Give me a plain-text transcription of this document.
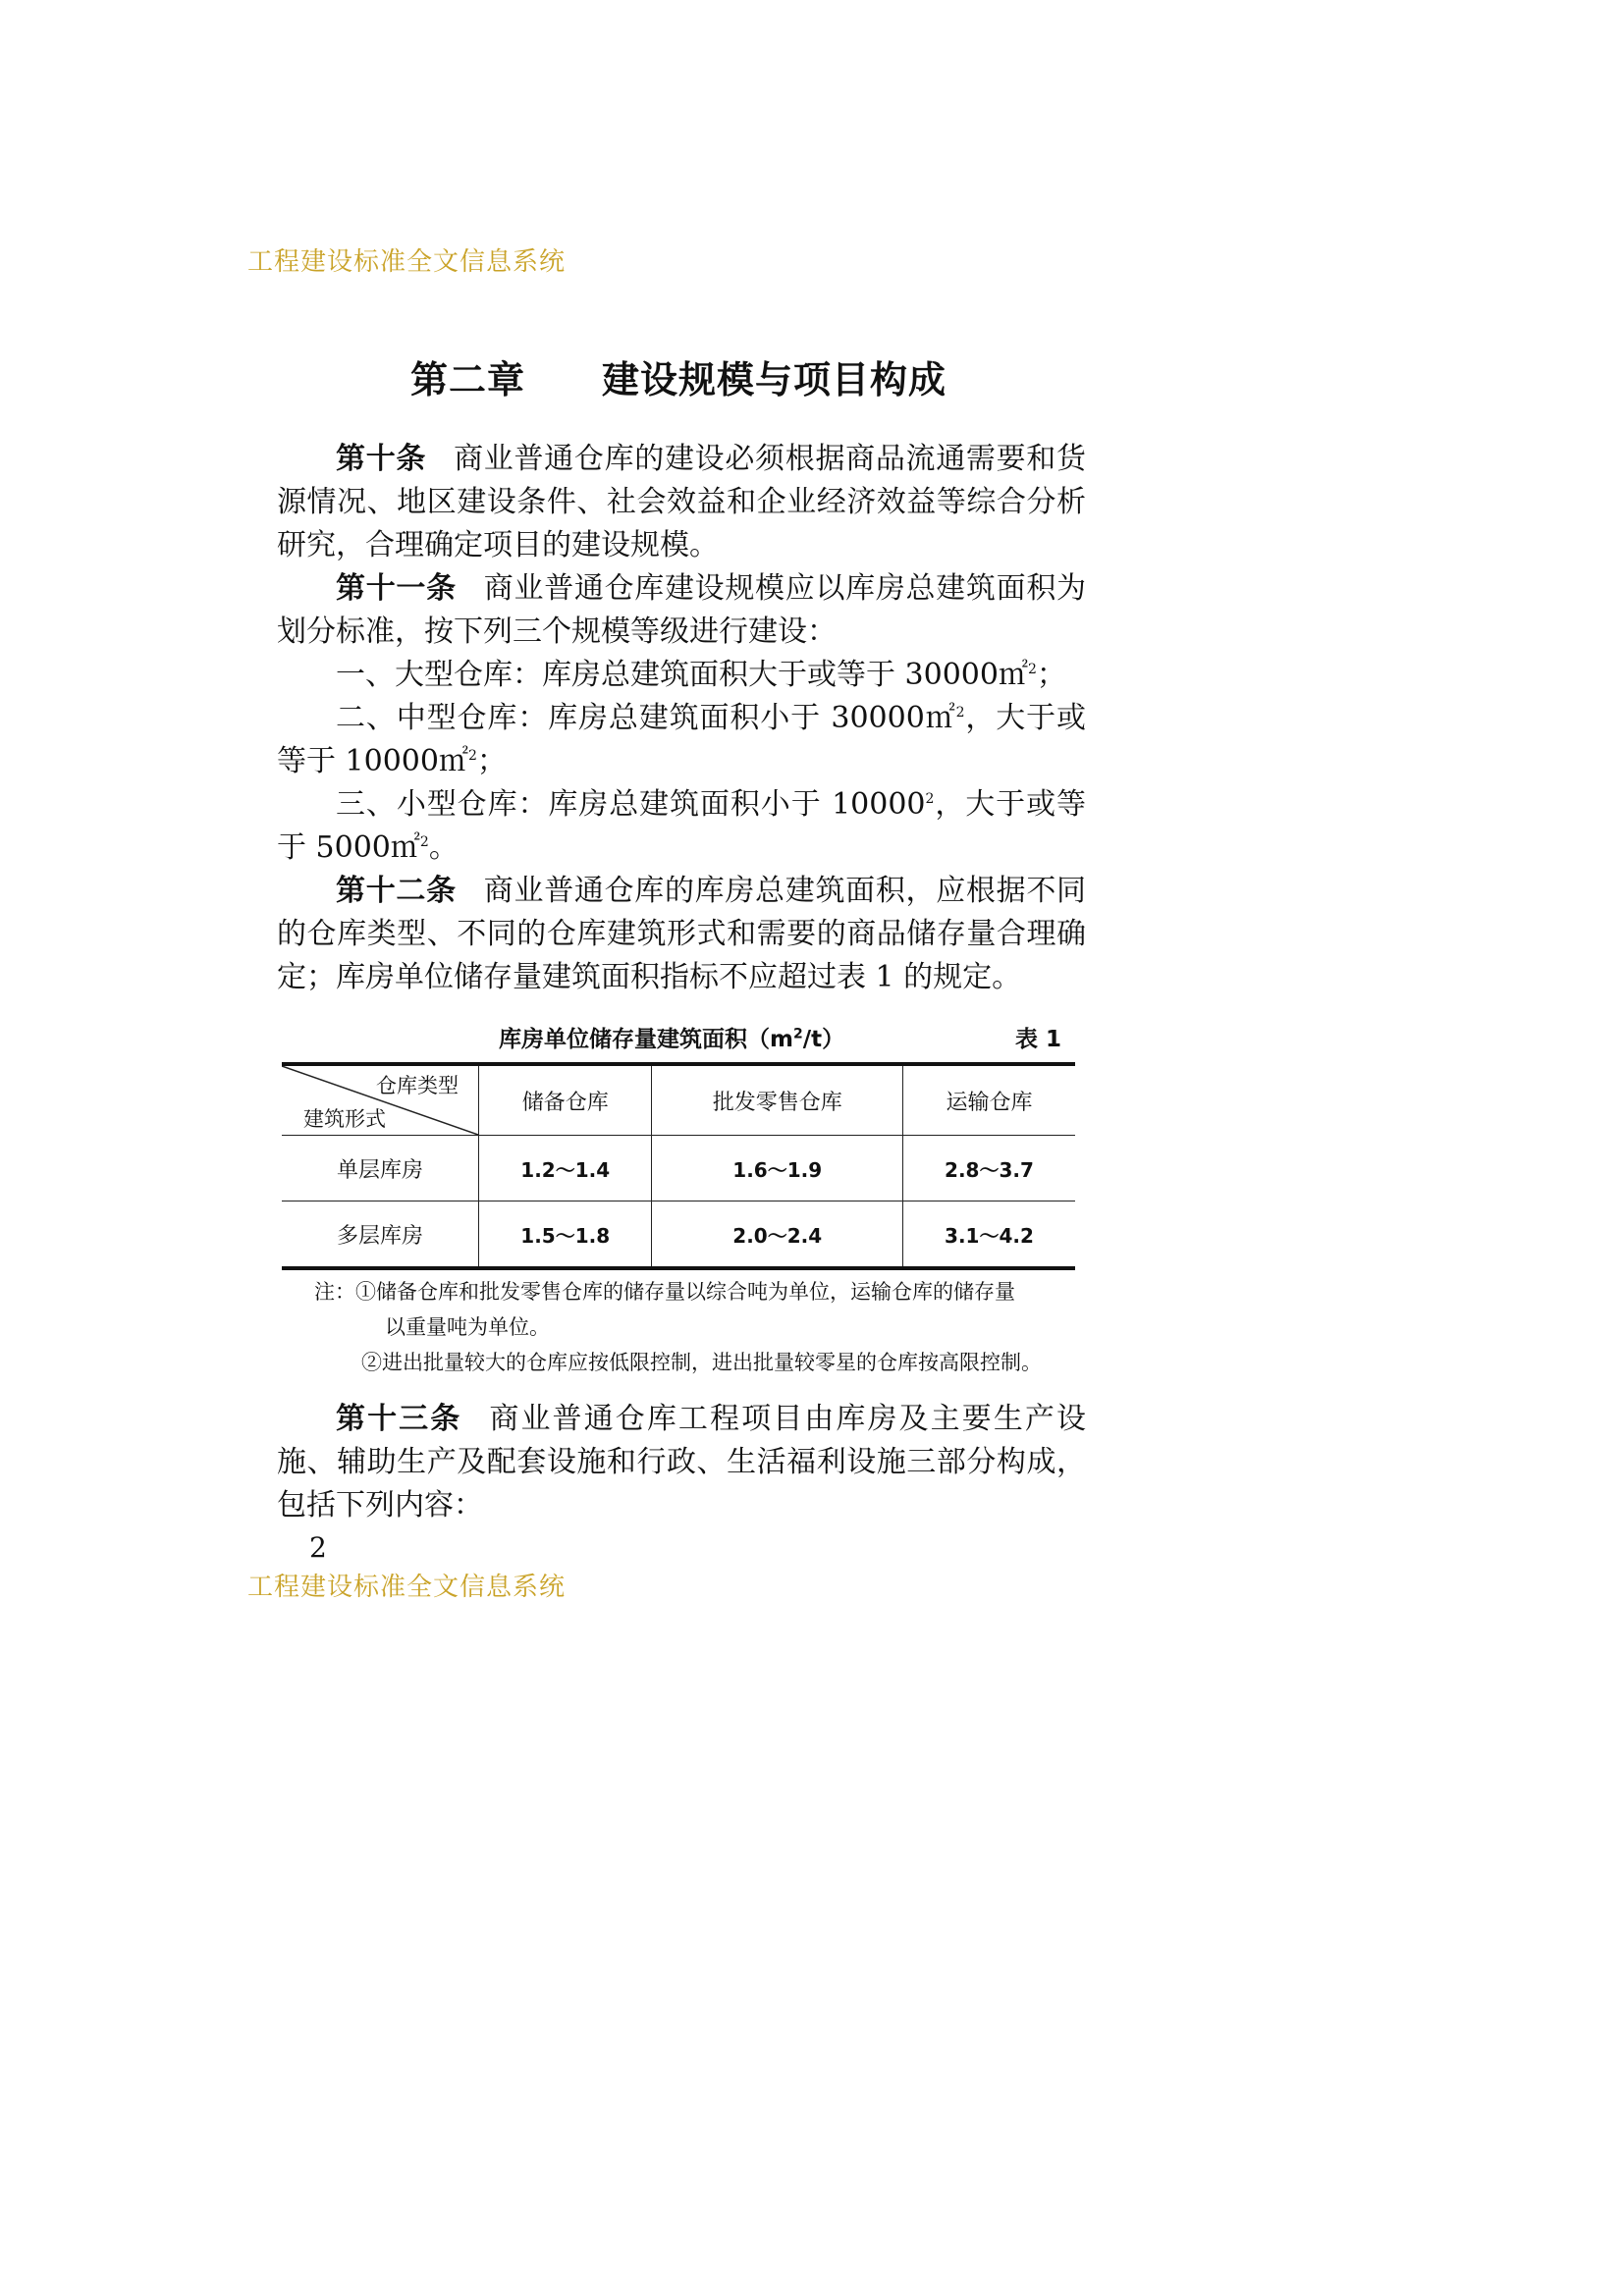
工程建设标准全文信息系统
第二章 建设规模与项目构成

第十条 商业普通仓库的建设必须根据商品流通需要和货源情况、地区建设条件、社会效益和企业经济效益等综合分析研究，合理确定项目的建设规模。

第十一条 商业普通仓库建设规模应以库房总建筑面积为划分标准，按下列三个规模等级进行建设：

一、大型仓库：库房总建筑面积大于或等于 30000㎡$^2$；

二、中型仓库：库房总建筑面积小于 30000㎡$^2$，大于或等于 10000㎡$^2$；

三、小型仓库：库房总建筑面积小于 10000$^2$，大于或等于 5000㎡$^2$。

第十二条 商业普通仓库的库房总建筑面积，应根据不同的仓库类型、不同的仓库建筑形式和需要的商品储存量合理确定；库房单位储存量建筑面积指标不应超过表 1 的规定。

库房单位储存量建筑面积$(m^2/t)$	表 1
仓库类型
建筑形式	储备仓库	批发零售仓库	运输仓库
单层库房	1.2～1.4	1.6～1.9	2.8～3.7
多层库房	1.5～1.8	2.0～2.4	3.1～4.2
注：①储备仓库和批发零售仓库的储存量以综合吨为单位，运输仓库的储存量
以重量吨为单位。
②进出批量较大的仓库应按低限控制，进出批量较零星的仓库按高限控制。

第十三条 商业普通仓库工程项目由库房及主要生产设施、辅助生产及配套设施和行政、生活福利设施三部分构成，包括下列内容：

2
工程建设标准全文信息系统
